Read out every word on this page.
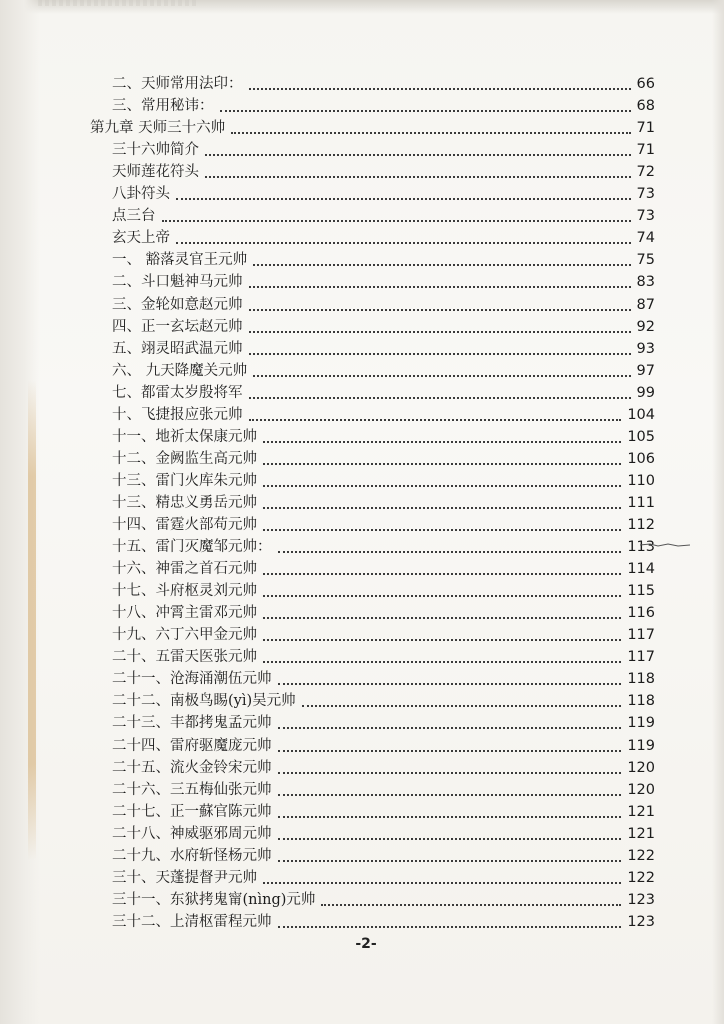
二、天师常用法印：	66
三、常用秘讳：	68
第九章 天师三十六帅	71
三十六帅简介	71
天师莲花符头	72
八卦符头	73
点三台	73
玄天上帝	74
一、 豁落灵官王元帅	75
二、斗口魁神马元帅	83
三、金轮如意赵元帅	87
四、正一玄坛赵元帅	92
五、翊灵昭武温元帅	93
六、 九天降魔关元帅	97
七、都雷太岁殷将军	99
十、飞捷报应张元帅	104
十一、地祈太保康元帅	105
十二、金阙监生高元帅	106
十三、雷门火库朱元帅	110
十三、精忠义勇岳元帅	111
十四、雷霆火部苟元帅	112
十五、雷门灭魔邹元帅：	113
十六、神雷之首石元帅	114
十七、斗府枢灵刘元帅	115
十八、冲霄主雷邓元帅	116
十九、六丁六甲金元帅	117
二十、五雷天医张元帅	117
二十一、沧海涌潮伍元帅	118
二十二、南极鸟睗(yì)吴元帅	118
二十三、丰都拷鬼孟元帅	119
二十四、雷府驱魔庞元帅	119
二十五、流火金铃宋元帅	120
二十六、三五梅仙张元帅	120
二十七、正一蘇官陈元帅	121
二十八、神威驱邪周元帅	121
二十九、水府斩怪杨元帅	122
三十、天蓬提督尹元帅	122
三十一、东狱拷鬼甯(nìng)元帅	123
三十二、上清枢雷程元帅	123
-2-
